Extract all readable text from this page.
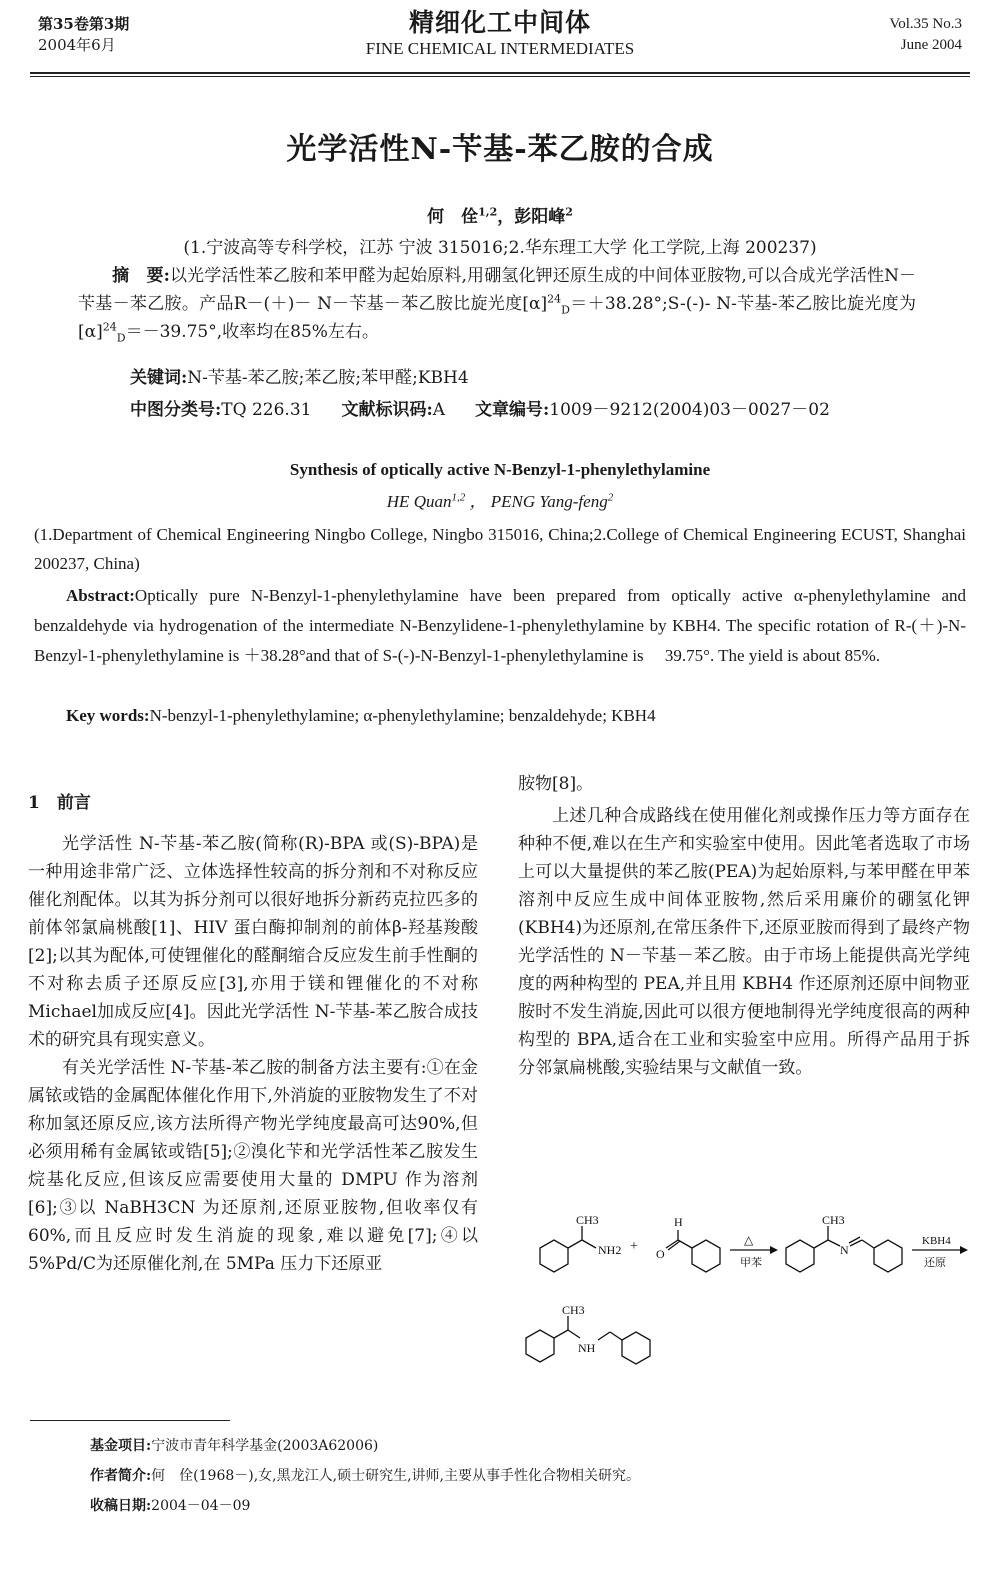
第35卷第3期
2004年6月
精细化工中间体
FINE CHEMICAL INTERMEDIATES
Vol.35 No.3
June 2004
光学活性N-苄基-苯乙胺的合成
何　佺$^{1,2}$，彭阳峰$^2$
(1.宁波高等专科学校，江苏 宁波 315016;2.华东理工大学 化工学院,上海 200237)
  摘　要:以光学活性苯乙胺和苯甲醛为起始原料,用硼氢化钾还原生成的中间体亚胺物,可以合成光学活性N－苄基－苯乙胺。产品R－(＋)－ N－苄基－苯乙胺比旋光度$[\alpha]^{24}_D=+38.28^\circ;S-(-)-$ N-苄基-苯乙胺比旋光度为$[\alpha]^{24}_D=-39.75^\circ$,收率均在85%左右。
关键词:N-苄基-苯乙胺;苯乙胺;苯甲醛;KBH4
中图分类号:TQ 226.31 文献标识码:A 文章编号:1009－9212(2004)03－0027－02
Synthesis of optically active N-Benzyl-1-phenylethylamine
HE Quan$^{1,2}$ ， PENG Yang-feng$^2$
(1.Department of Chemical Engineering Ningbo College, Ningbo 315016, China;2.College of Chemical Engineering ECUST, Shanghai 200237, China)
Abstract:Optically pure N-Benzyl-1-phenylethylamine have been prepared from optically active α-phenylethylamine and benzaldehyde via hydrogenation of the intermediate N-Benzylidene-1-phenylethylamine by KBH4. The specific rotation of R-(＋)-N-Benzyl-1-phenylethylamine is ＋38.28°and that of S-(-)-N-Benzyl-1-phenylethylamine is　 39.75°. The yield is about 85%.
Key words:N-benzyl-1-phenylethylamine; α-phenylethylamine; benzaldehyde; KBH4
1　前言

光学活性 N-苄基-苯乙胺(简称(R)-BPA 或(S)-BPA)是一种用途非常广泛、立体选择性较高的拆分剂和不对称反应催化剂配体。以其为拆分剂可以很好地拆分新药克拉匹多的前体邻氯扁桃酸[1]、HIV 蛋白酶抑制剂的前体β-羟基羧酸[2];以其为配体,可使锂催化的醛酮缩合反应发生前手性酮的不对称去质子还原反应[3],亦用于镁和锂催化的不对称 Michael加成反应[4]。因此光学活性 N-苄基-苯乙胺合成技术的研究具有现实意义。

有关光学活性 N-苄基-苯乙胺的制备方法主要有:①在金属铱或锆的金属配体催化作用下,外消旋的亚胺物发生了不对称加氢还原反应,该方法所得产物光学纯度最高可达90%,但必须用稀有金属铱或锆[5];②溴化苄和光学活性苯乙胺发生烷基化反应,但该反应需要使用大量的 DMPU 作为溶剂[6];③以 NaBH3CN 为还原剂,还原亚胺物,但收率仅有60%,而且反应时发生消旋的现象,难以避免[7];④以5%Pd/C为还原催化剂,在 5MPa 压力下还原亚

胺物[8]。

上述几种合成路线在使用催化剂或操作压力等方面存在种种不便,难以在生产和实验室中使用。因此笔者选取了市场上可以大量提供的苯乙胺(PEA)为起始原料,与苯甲醛在甲苯溶剂中反应生成中间体亚胺物,然后采用廉价的硼氢化钾(KBH4)为还原剂,在常压条件下,还原亚胺而得到了最终产物光学活性的 N－苄基－苯乙胺。由于市场上能提供高光学纯度的两种构型的 PEA,并且用 KBH4 作还原剂还原中间物亚胺时不发生消旋,因此可以很方便地制得光学纯度很高的两种构型的 BPA,适合在工业和实验室中应用。所得产品用于拆分邻氯扁桃酸,实验结果与文献值一致。

CH3
NH2 +
H
O
△
甲苯
CH3
N
KBH4
还原
CH3
NH
基金项目:宁波市青年科学基金(2003A62006)
作者简介:何　佺(1968－),女,黑龙江人,硕士研究生,讲师,主要从事手性化合物相关研究。
收稿日期:2004－04－09
